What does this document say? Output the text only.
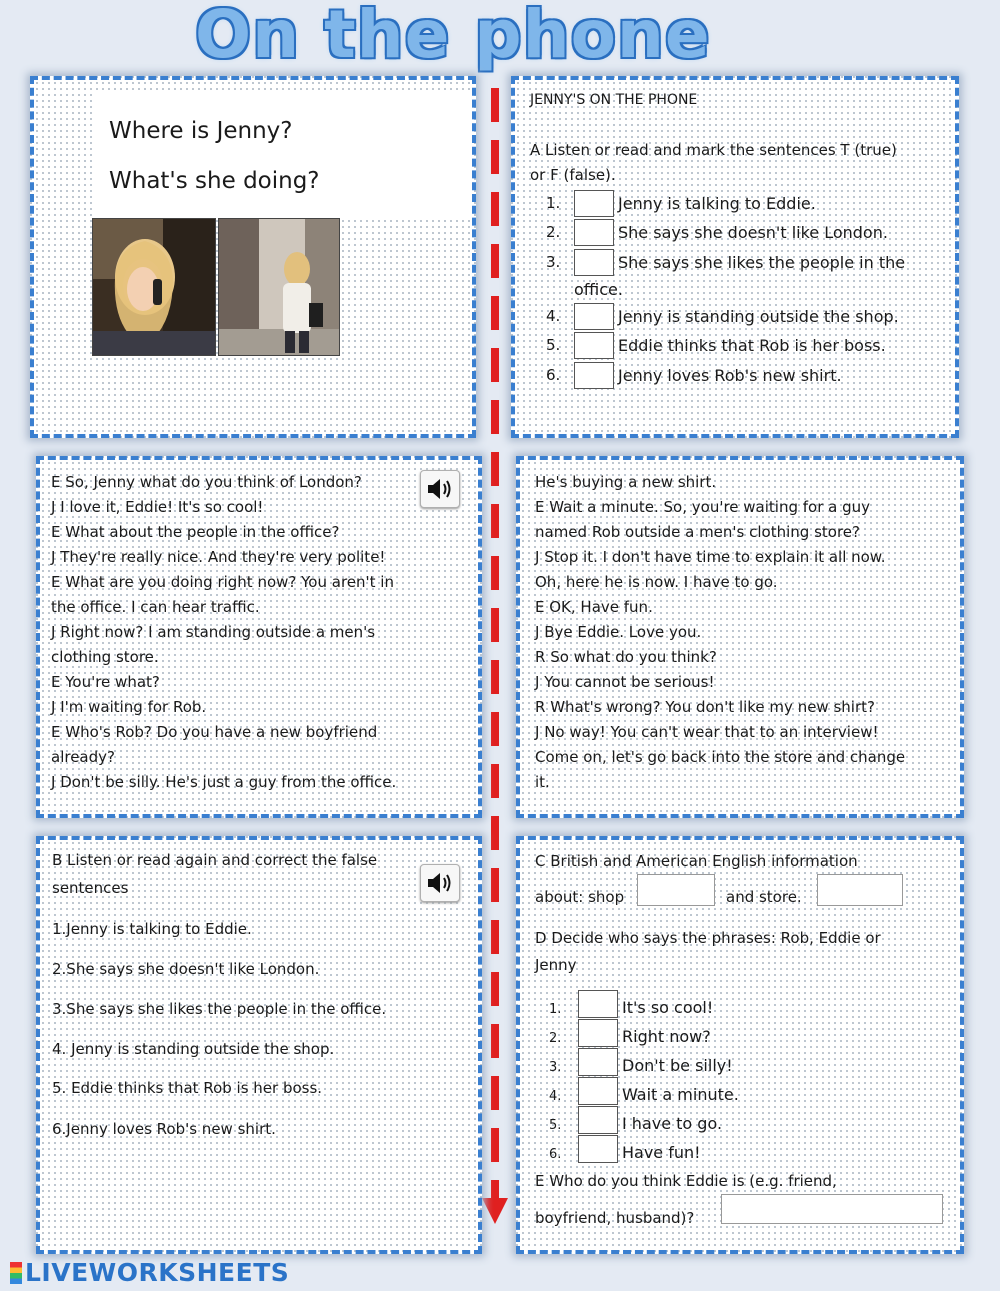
On the phone
Where is Jenny?
What's she doing?
JENNY'S ON THE PHONE
A Listen or read and mark the sentences T (true)
or F (false).
1.	Jenny is talking to Eddie.
2.	She says she doesn't like London.
3.	She says she likes the people in the
office.
4.	Jenny is standing outside the shop.
5.	Eddie thinks that Rob is her boss.
6.	Jenny loves Rob's new shirt.
E So, Jenny what do you think of London?
J I love it, Eddie! It's so cool!
E What about the people in the office?
J They're really nice. And they're very polite!
E What are you doing right now? You aren't in
the office. I can hear traffic.
J Right now? I am standing outside a men's
clothing store.
E You're what?
J I'm waiting for Rob.
E Who's Rob? Do you have a new boyfriend
already?
J Don't be silly. He's just a guy from the office.
He's buying a new shirt.
E Wait a minute. So, you're waiting for a guy
named Rob outside a men's clothing store?
J Stop it. I don't have time to explain it all now.
Oh, here he is now. I have to go.
E OK, Have fun.
J Bye Eddie. Love you.
R So what do you think?
J You cannot be serious!
R What's wrong? You don't like my new shirt?
J No way! You can't wear that to an interview!
Come on, let's go back into the store and change
it.
B Listen or read again and correct the false
sentences
1.Jenny is talking to Eddie.
2.She says she doesn't like London.
3.She says she likes the people in the office.
4. Jenny is standing outside the shop.
5. Eddie thinks that Rob is her boss.
6.Jenny loves Rob's new shirt.
C British and American English information
about: shop	and store.
D Decide who says the phrases: Rob, Eddie or
Jenny
1.	It's so cool!
2.	Right now?
3.	Don't be silly!
4.	Wait a minute.
5.	I have to go.
6.	Have fun!
E Who do you think Eddie is (e.g. friend,
boyfriend, husband)?
LIVEWORKSHEETS
